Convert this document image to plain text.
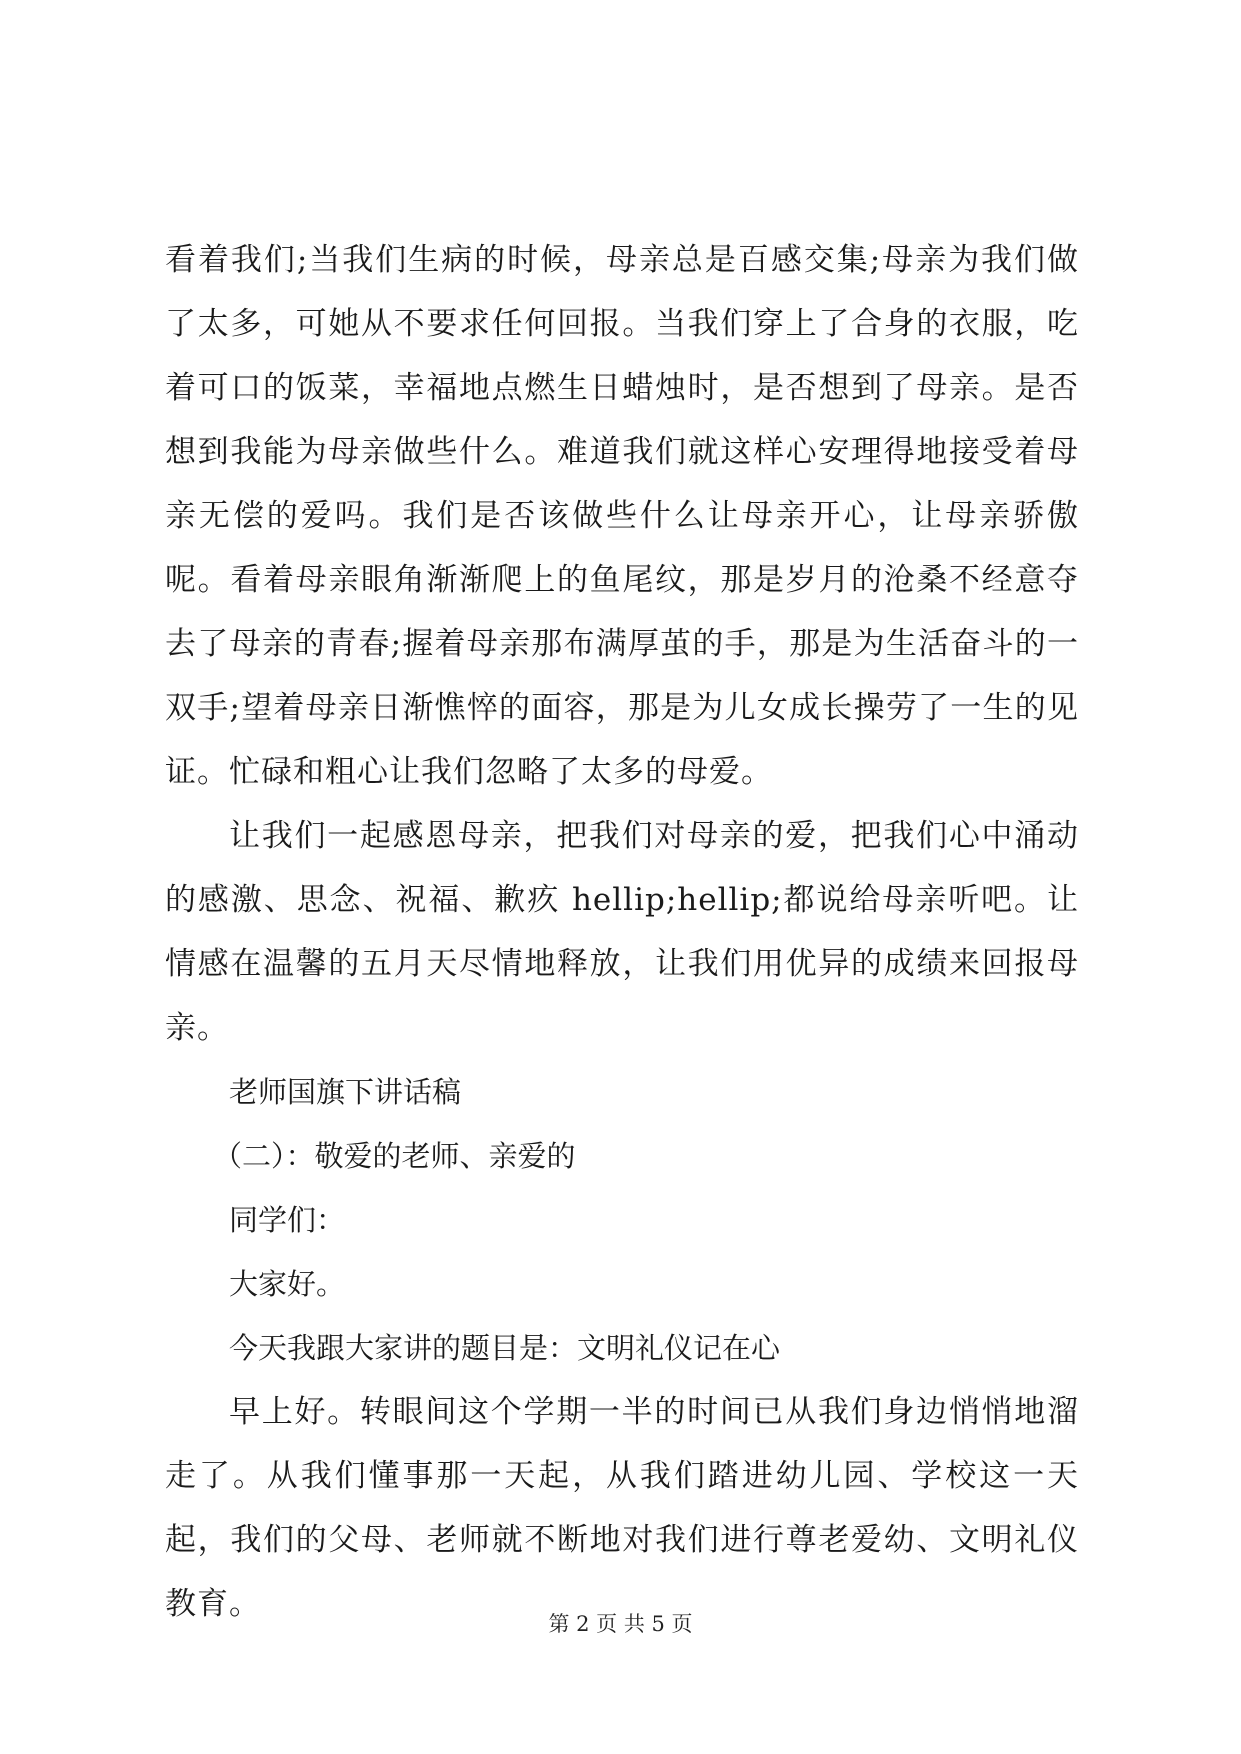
看着我们;当我们生病的时候，母亲总是百感交集;母亲为我们做了太多，可她从不要求任何回报。当我们穿上了合身的衣服，吃着可口的饭菜，幸福地点燃生日蜡烛时，是否想到了母亲。是否想到我能为母亲做些什么。难道我们就这样心安理得地接受着母亲无偿的爱吗。我们是否该做些什么让母亲开心，让母亲骄傲呢。看着母亲眼角渐渐爬上的鱼尾纹，那是岁月的沧桑不经意夺去了母亲的青春;握着母亲那布满厚茧的手，那是为生活奋斗的一双手;望着母亲日渐憔悴的面容，那是为儿女成长操劳了一生的见证。忙碌和粗心让我们忽略了太多的母爱。

让我们一起感恩母亲，把我们对母亲的爱，把我们心中涌动的感激、思念、祝福、歉疚 hellip;hellip;都说给母亲听吧。让情感在温馨的五月天尽情地释放，让我们用优异的成绩来回报母亲。

老师国旗下讲话稿

（二）：敬爱的老师、亲爱的

同学们：

大家好。

今天我跟大家讲的题目是：文明礼仪记在心

早上好。转眼间这个学期一半的时间已从我们身边悄悄地溜走了。从我们懂事那一天起，从我们踏进幼儿园、学校这一天起，我们的父母、老师就不断地对我们进行尊老爱幼、文明礼仪教育。

第 2 页 共 5 页
